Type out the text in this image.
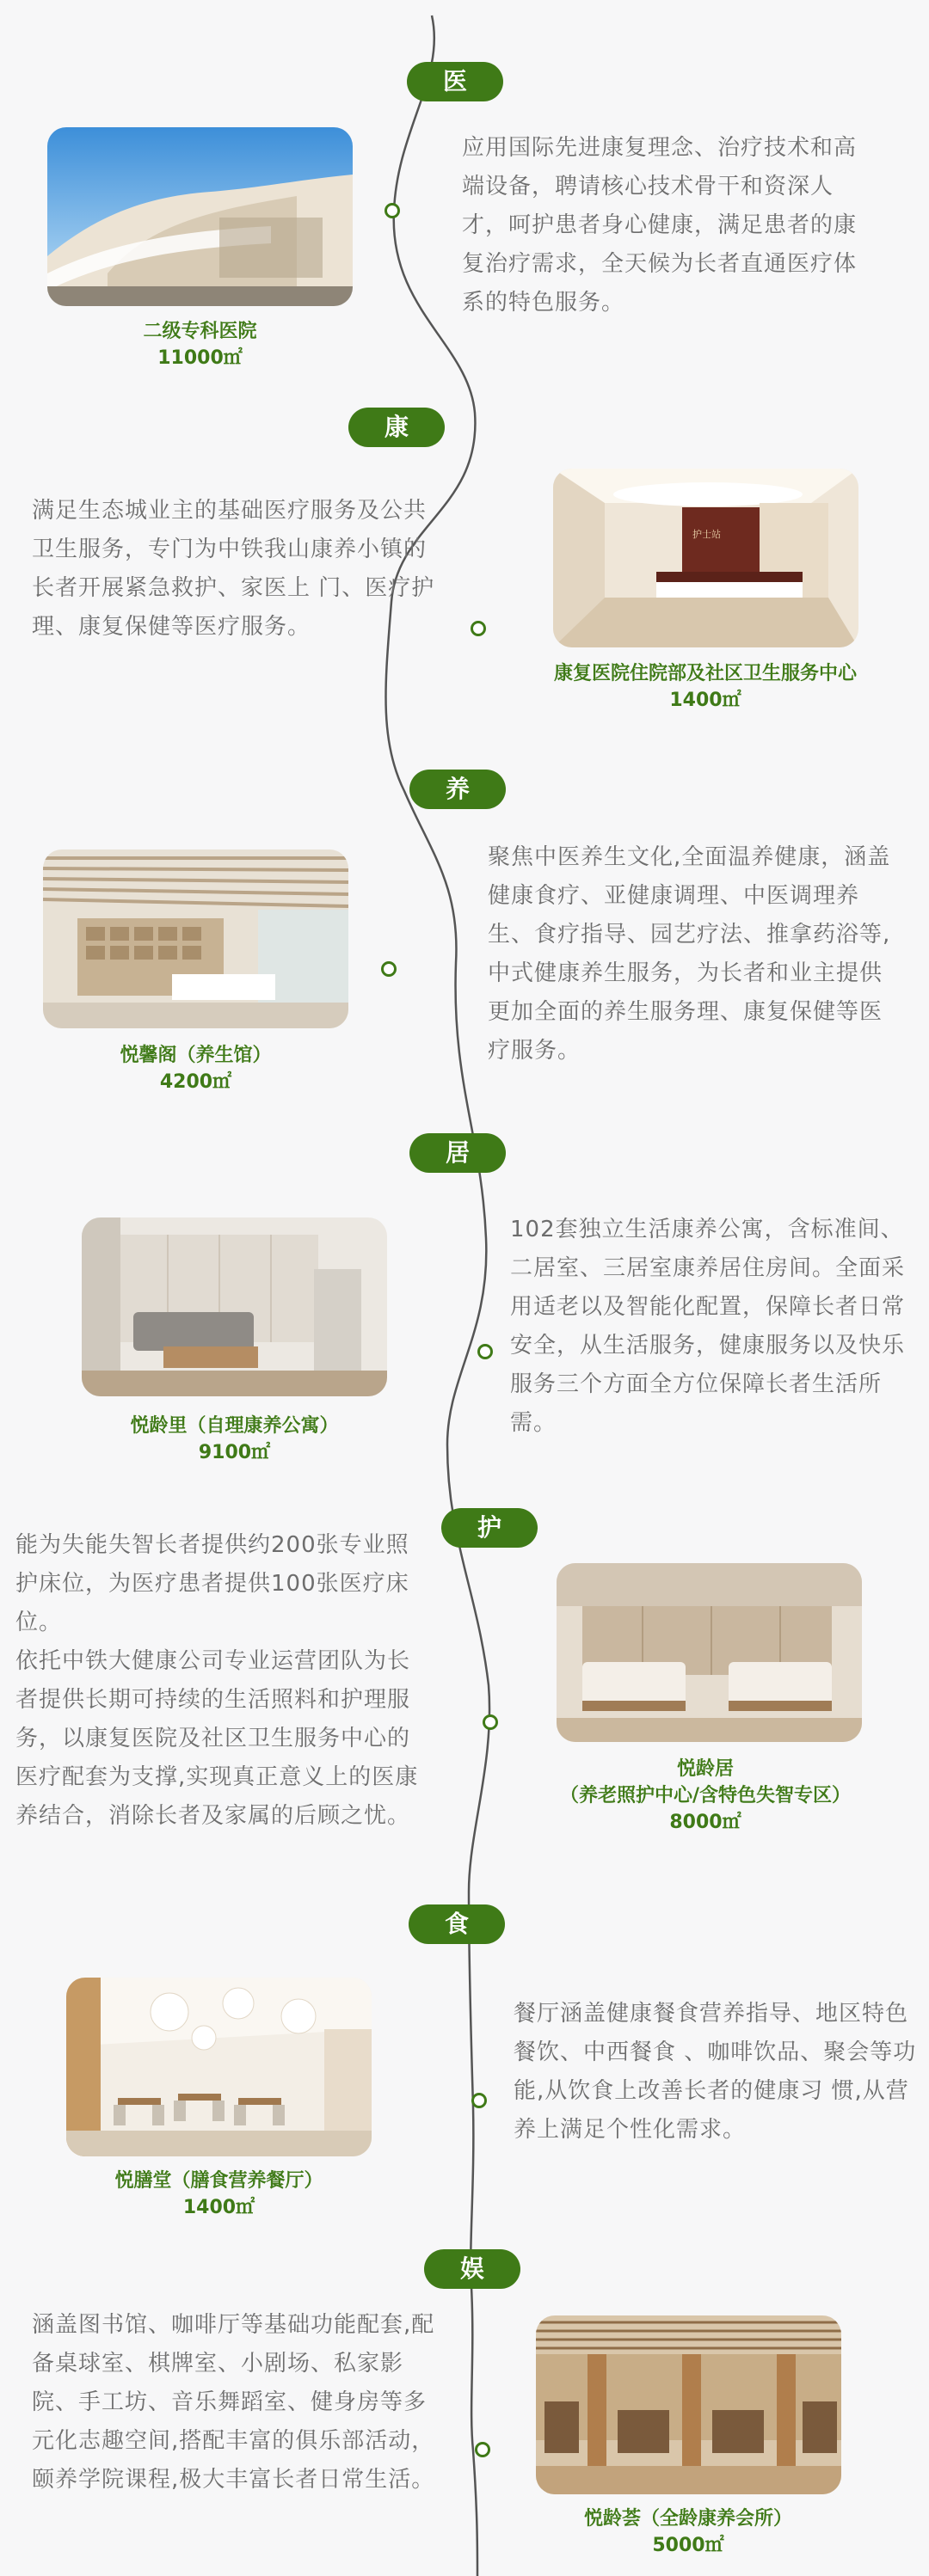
医
二级专科医院
11000㎡

应用国际先进康复理念、治疗技术和高端设备，聘请核心技术骨干和资深人才，呵护患者身心健康，满足患者的康复治疗需求，全天候为长者直通医疗体系的特色服务。

康

满足生态城业主的基础医疗服务及公共卫生服务，专门为中铁我山康养小镇的长者开展紧急救护、家医上 门、医疗护理、康复保健等医疗服务。

护士站
康复医院住院部及社区卫生服务中心
1400㎡
养
悦馨阁（养生馆）
4200㎡

聚焦中医养生文化,全面温养健康，涵盖健康食疗、亚健康调理、中医调理养生、食疗指导、园艺疗法、推拿药浴等,中式健康养生服务，为长者和业主提供更加全面的养生服务理、康复保健等医疗服务。

居
悦龄里（自理康养公寓）
9100㎡

102套独立生活康养公寓，含标准间、二居室、三居室康养居住房间。全面采用适老以及智能化配置，保障长者日常安全，从生活服务，健康服务以及快乐服务三个方面全方位保障长者生活所需。

护

能为失能失智长者提供约200张专业照护床位，为医疗患者提供100张医疗床位。

依托中铁大健康公司专业运营团队为长者提供长期可持续的生活照料和护理服务，以康复医院及社区卫生服务中心的医疗配套为支撑,实现真正意义上的医康养结合，消除长者及家属的后顾之忧。

悦龄居
（养老照护中心/含特色失智专区）
8000㎡
食
悦膳堂（膳食营养餐厅）
1400㎡

餐厅涵盖健康餐食营养指导、地区特色餐饮、中西餐食 、咖啡饮品、聚会等功能,从饮食上改善长者的健康习 惯,从营养上满足个性化需求。

娱

涵盖图书馆、咖啡厅等基础功能配套,配备桌球室、棋牌室、小剧场、私家影院、手工坊、音乐舞蹈室、健身房等多元化志趣空间,搭配丰富的俱乐部活动，颐养学院课程,极大丰富长者日常生活。

悦龄荟（全龄康养会所）
5000㎡
